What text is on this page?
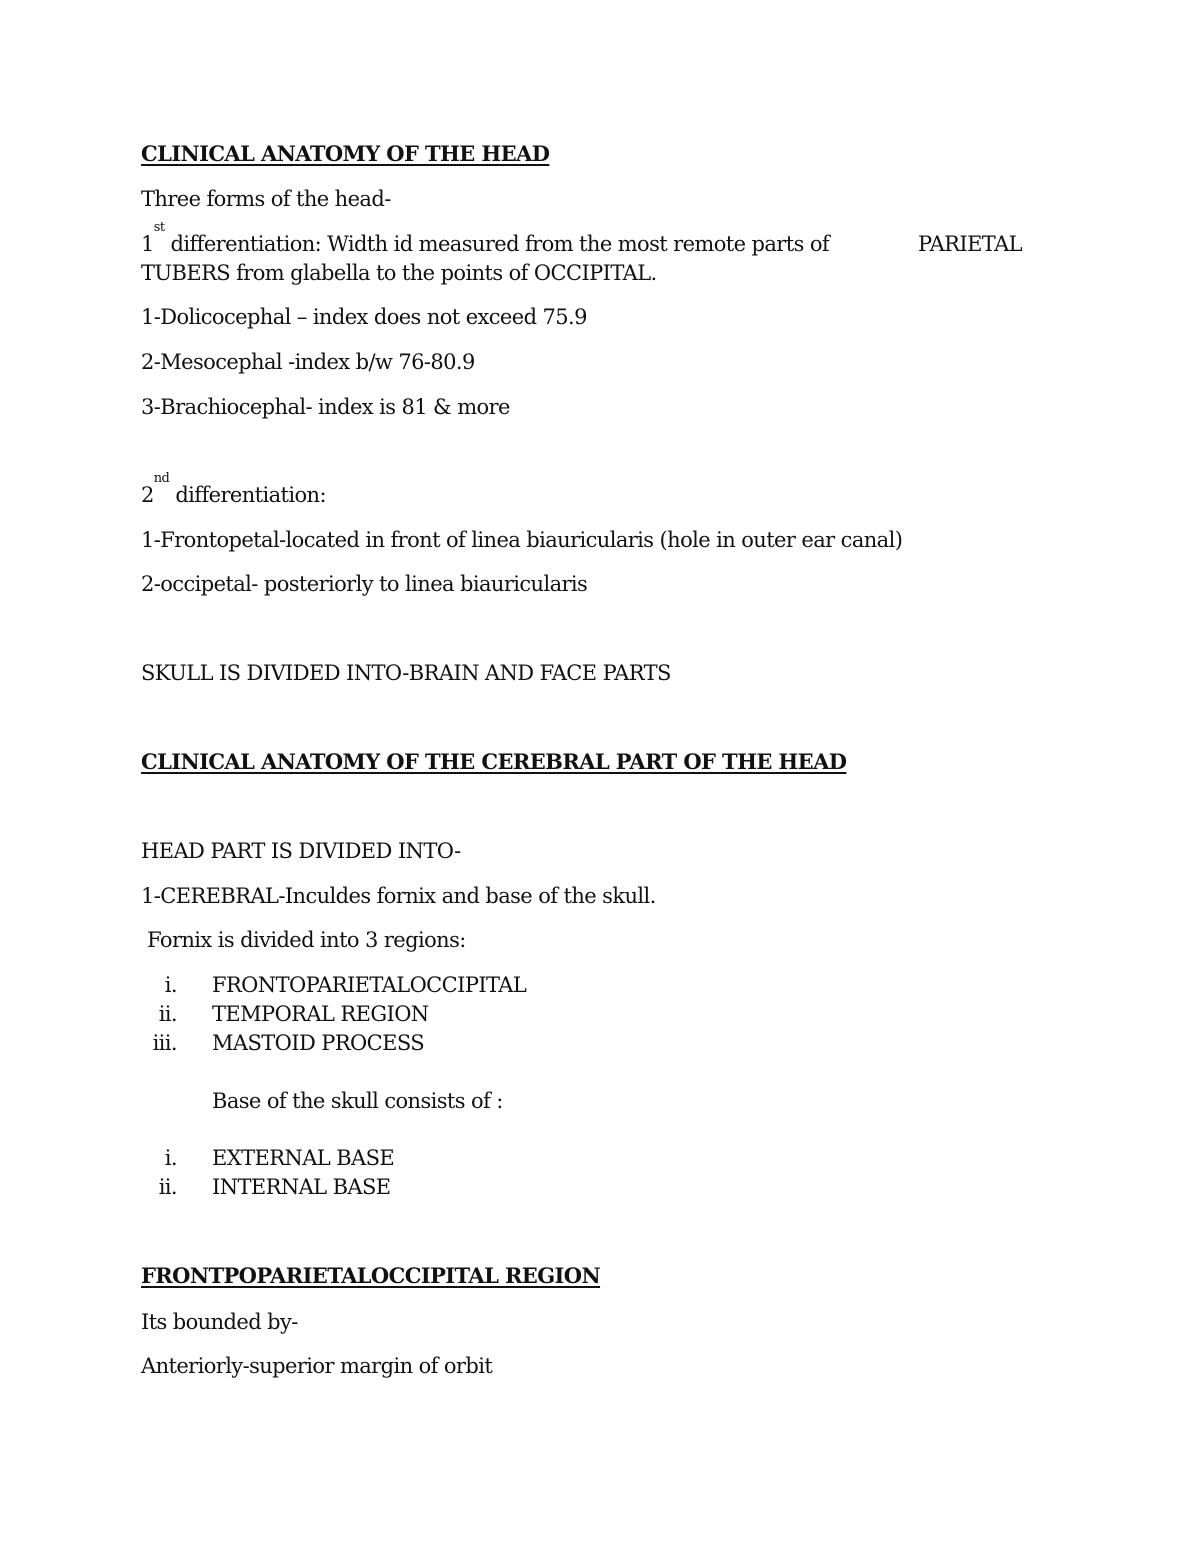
CLINICAL ANATOMY OF THE HEAD
Three forms of the head-
1st differentiation: Width id measured from the most remote parts of	PARIETAL
TUBERS from glabella to the points of OCCIPITAL.
1-Dolicocephal – index does not exceed 75.9
2-Mesocephal -index b/w 76-80.9
3-Brachiocephal- index is 81 & more
2nd differentiation:
1-Frontopetal-located in front of linea biauricularis (hole in outer ear canal)
2-occipetal- posteriorly to linea biauricularis
SKULL IS DIVIDED INTO-BRAIN AND FACE PARTS
CLINICAL ANATOMY OF THE CEREBRAL PART OF THE HEAD
HEAD PART IS DIVIDED INTO-
1-CEREBRAL-Inculdes fornix and base of the skull.
Fornix is divided into 3 regions:
i. FRONTOPARIETALOCCIPITAL
ii. TEMPORAL REGION
iii. MASTOID PROCESS
Base of the skull consists of :
i. EXTERNAL BASE
ii. INTERNAL BASE
FRONTPOPARIETALOCCIPITAL REGION
Its bounded by-
Anteriorly-superior margin of orbit
